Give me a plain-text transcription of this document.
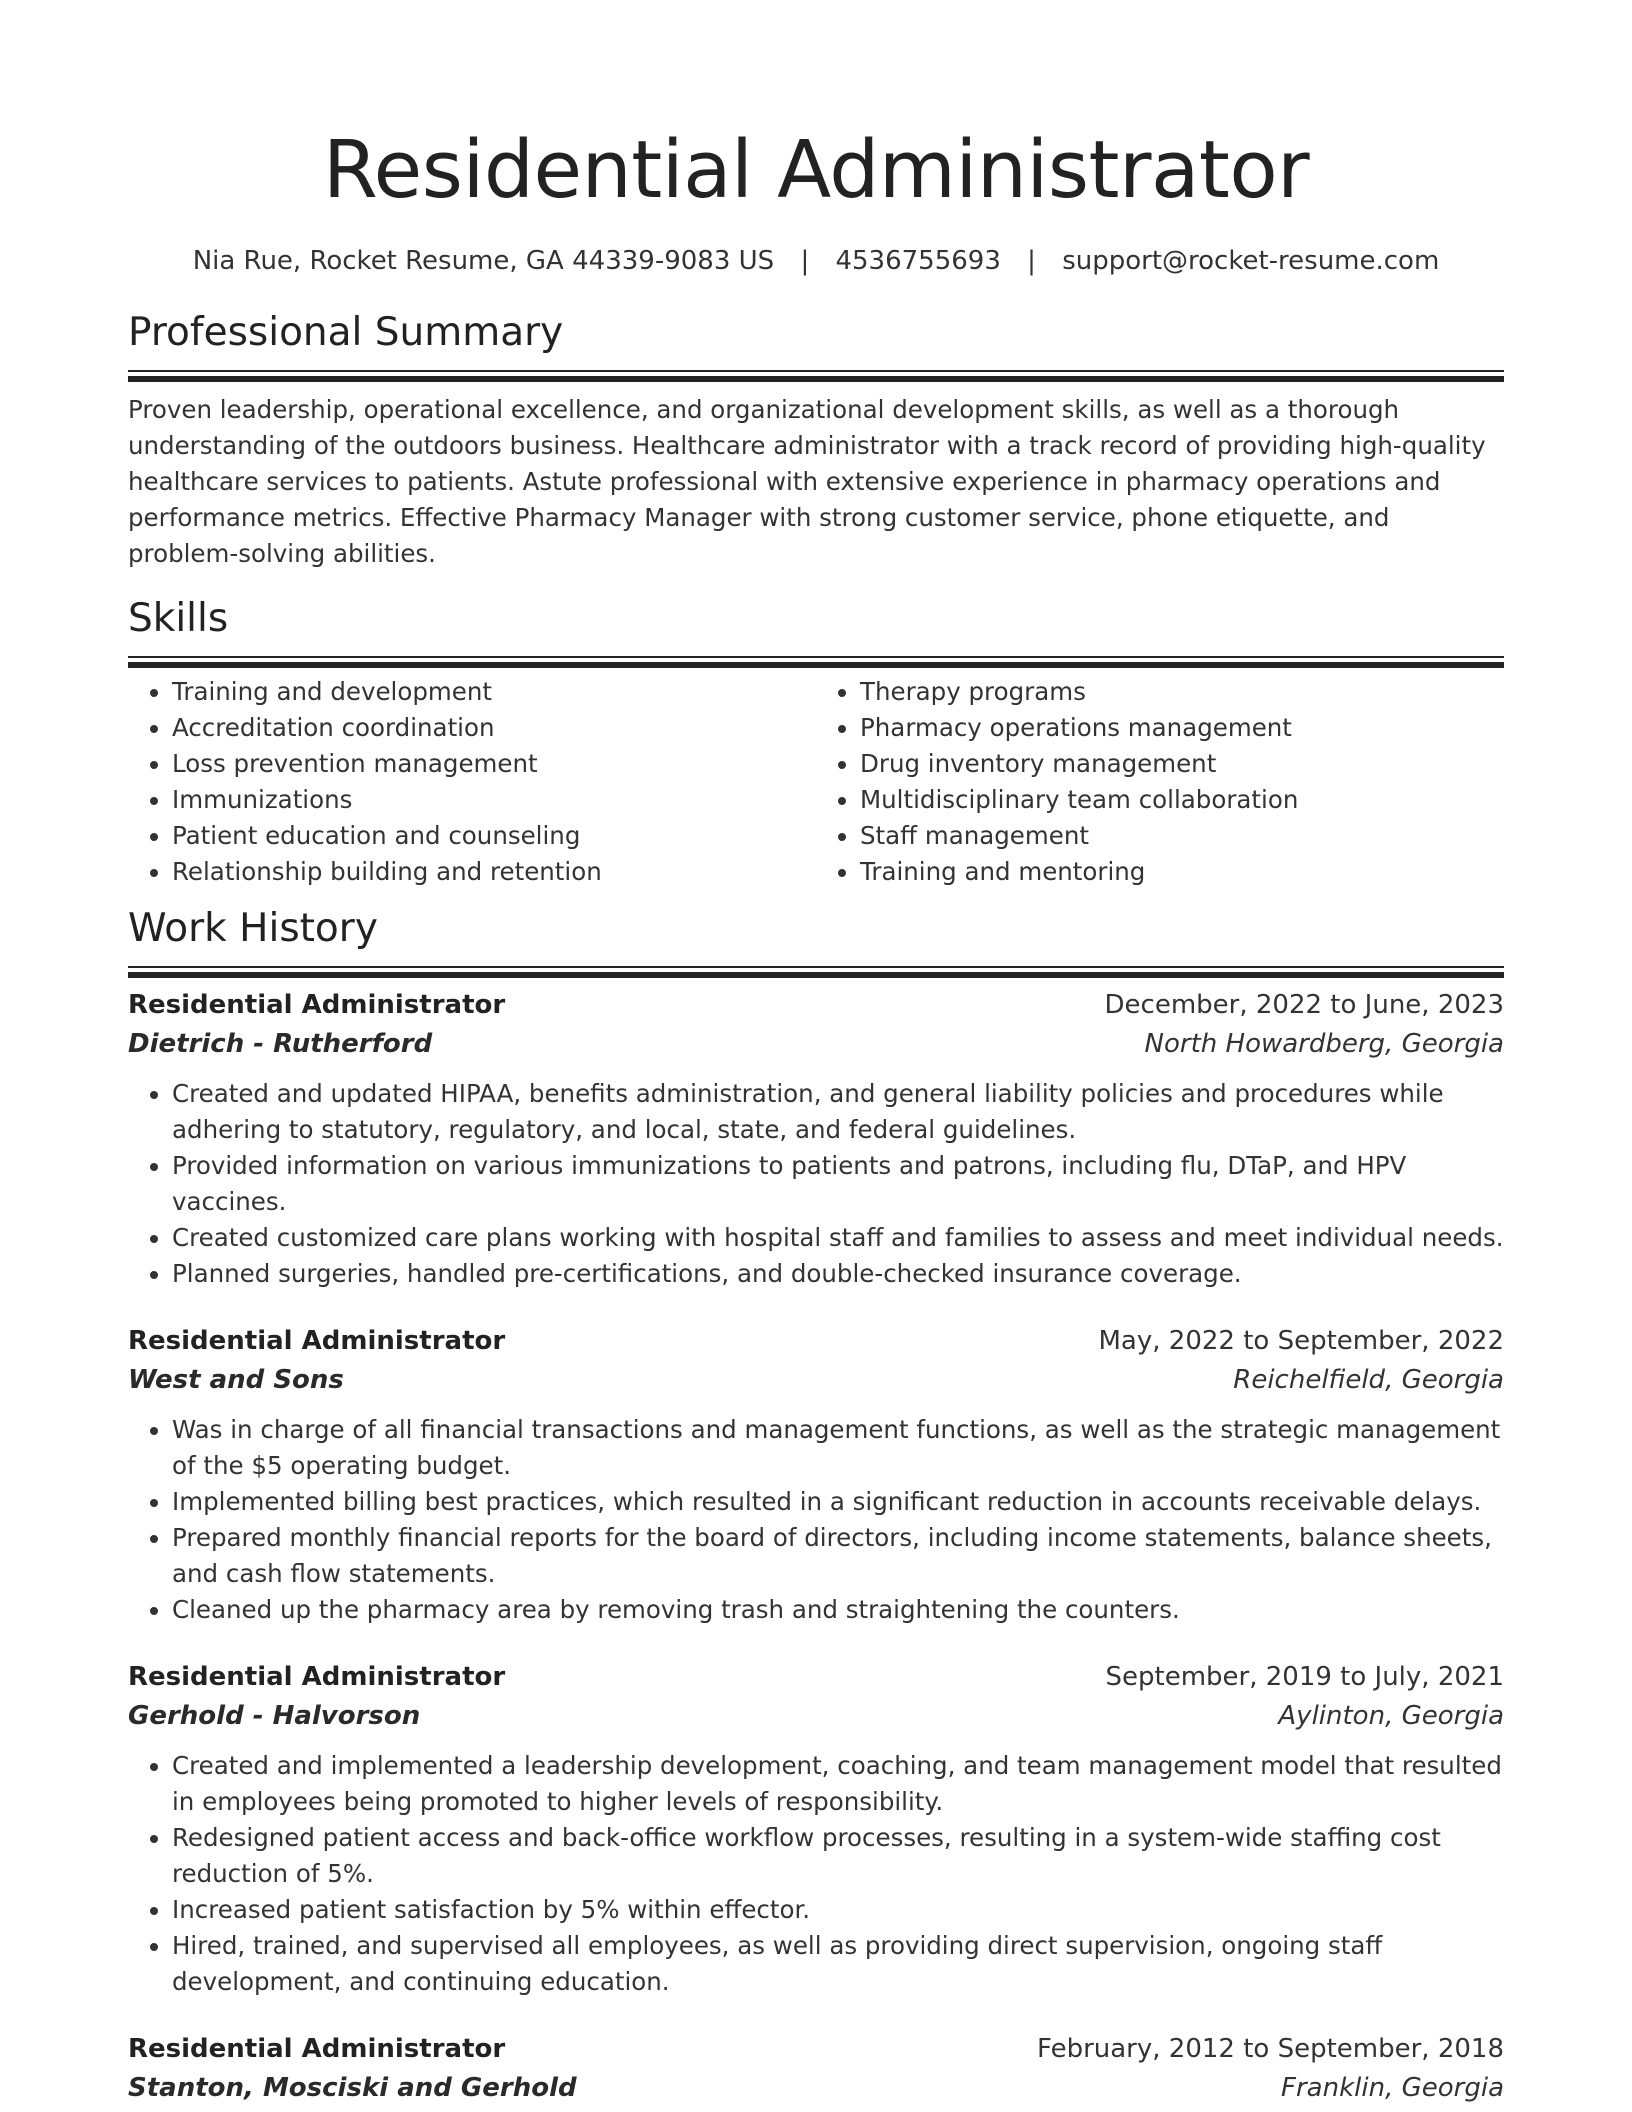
Residential Administrator
Nia Rue, Rocket Resume, GA 44339-9083 US | 4536755693 | support@rocket-resume.com
Professional Summary

Proven leadership, operational excellence, and organizational development skills, as well as a thorough understanding of the outdoors business. Healthcare administrator with a track record of providing high-quality healthcare services to patients. Astute professional with extensive experience in pharmacy operations and performance metrics. Effective Pharmacy Manager with strong customer service, phone etiquette, and problem-solving abilities.

Skills
• Training and development
• Accreditation coordination
• Loss prevention management
• Immunizations
• Patient education and counseling
• Relationship building and retention
• Therapy programs
• Pharmacy operations management
• Drug inventory management
• Multidisciplinary team collaboration
• Staff management
• Training and mentoring
Work History
Residential Administrator	December, 2022 to June, 2023
Dietrich - Rutherford	North Howardberg, Georgia
• Created and updated HIPAA, benefits administration, and general liability policies and procedures while adhering to statutory, regulatory, and local, state, and federal guidelines.
• Provided information on various immunizations to patients and patrons, including flu, DTaP, and HPV vaccines.
• Created customized care plans working with hospital staff and families to assess and meet individual needs.
• Planned surgeries, handled pre-certifications, and double-checked insurance coverage.
Residential Administrator	May, 2022 to September, 2022
West and Sons	Reichelfield, Georgia
• Was in charge of all financial transactions and management functions, as well as the strategic management of the $5 operating budget.
• Implemented billing best practices, which resulted in a significant reduction in accounts receivable delays.
• Prepared monthly financial reports for the board of directors, including income statements, balance sheets, and cash flow statements.
• Cleaned up the pharmacy area by removing trash and straightening the counters.
Residential Administrator	September, 2019 to July, 2021
Gerhold - Halvorson	Aylinton, Georgia
• Created and implemented a leadership development, coaching, and team management model that resulted in employees being promoted to higher levels of responsibility.
• Redesigned patient access and back-office workflow processes, resulting in a system-wide staffing cost reduction of 5%.
• Increased patient satisfaction by 5% within effector.
• Hired, trained, and supervised all employees, as well as providing direct supervision, ongoing staff development, and continuing education.
Residential Administrator	February, 2012 to September, 2018
Stanton, Mosciski and Gerhold	Franklin, Georgia
